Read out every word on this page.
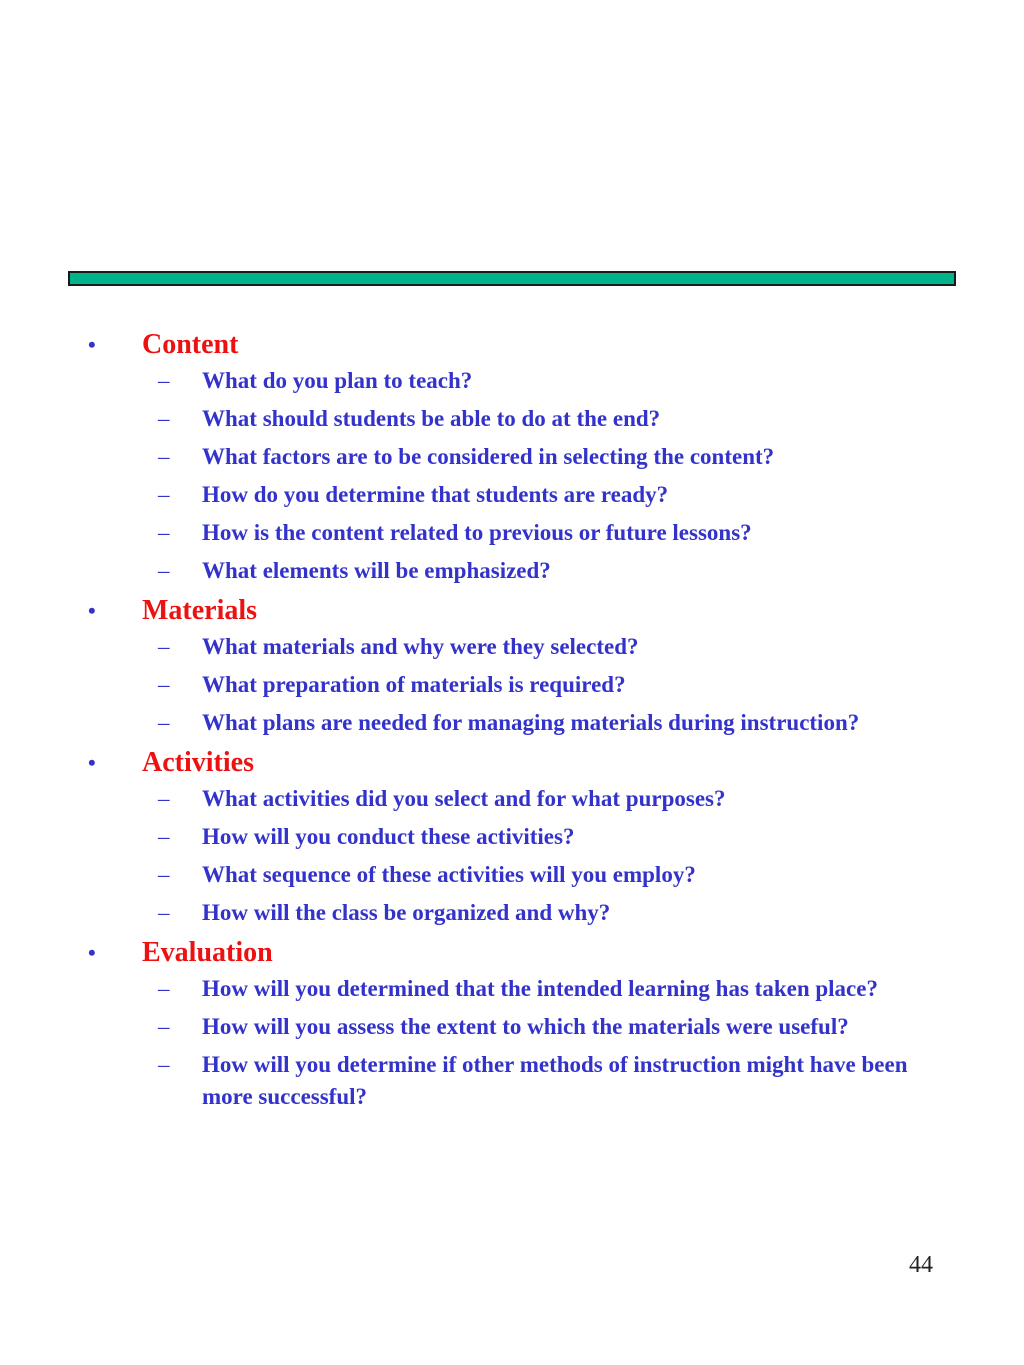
• Content
– What do you plan to teach?
– What should students be able to do at the end?
– What factors are to be considered in selecting the content?
– How do you determine that students are ready?
– How is the content related to previous or future lessons?
– What elements will be emphasized?
• Materials
– What materials and why were they selected?
– What preparation of materials is required?
– What plans are needed for managing materials during instruction?
• Activities
– What activities did you select and for what purposes?
– How will you conduct these activities?
– What sequence of these activities will you employ?
– How will the class be organized and why?
• Evaluation
– How will you determined that the intended learning has taken place?
– How will you assess the extent to which the materials were useful?
– How will you determine if other methods of instruction might have been more successful?
44
